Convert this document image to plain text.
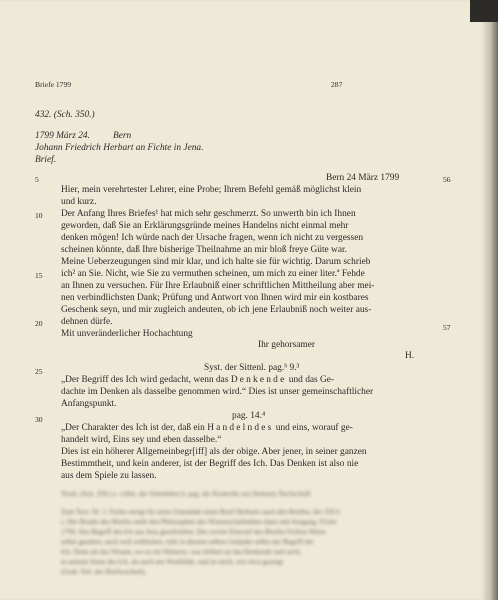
Briefe 1799	287
432. (Sch. 350.)
1799 März 24. Bern
Johann Friedrich Herbart an Fichte in Jena.
Brief.
5
10
15
20
25
30
56
57
Bern 24 März 1799
Hier, mein verehrtester Lehrer, eine Probe; Ihrem Befehl gemäß möglichst klein
und kurz.
Der Anfang Ihres Briefes¹ hat mich sehr geschmerzt. So unwerth bin ich Ihnen
geworden, daß Sie an Erklärungsgründe meines Handelns nicht einmal mehr
denken mögen! Ich würde nach der Ursache fragen, wenn ich nicht zu vergessen
scheinen könnte, daß Ihre bisherige Theilnahme an mir bloß freye Güte war.
Meine Ueberzeugungen sind mir klar, und ich halte sie für wichtig. Darum schrieb
ich² an Sie. Nicht, wie Sie zu vermuthen scheinen, um mich zu einer liter.ª Fehde
an Ihnen zu versuchen. Für Ihre Erlaubniß einer schriftlichen Mittheilung aber mei-
nen verbindlichsten Dank; Prüfung und Antwort von Ihnen wird mir ein kostbares
Geschenk seyn, und mir zugleich andeuten, ob ich jene Erlaubniß noch weiter aus-
dehnen dürfe.
Mit unveränderlicher Hochachtung
Ihr gehorsamer
H.
Syst. der Sittenl. pag.ᵇ 9.³
„Der Begriff des Ich wird gedacht, wenn das Denkende und das Ge-
dachte im Denken als dasselbe genommen wird.“ Dies ist unser gemeinschaftlicher
Anfangspunkt.
pag. 14.⁴
„Der Charakter des Ich ist der, daß ein Handelndes und eins, worauf ge-
handelt wird, Eins sey und eben dasselbe.“
Dies ist ein höherer Allgemeinbegr[iff] als der obige. Aber jener, in seiner ganzen
Bestimmtheit, und kein anderer, ist der Begriff des Ich. Das Denken ist also nie
aus dem Spiele zu lassen.
Textb. (Sch. 350.) a. vollst. der Sittenlehre b. pag. der Kontrolle aus Herbarts Nachschrift
Zum Text: Nr. 1: Fichte erregt für seine Umstände einen Brief Herbarts nach den Briefen, der 350 h
s. Der Bruder des Briefes stellt den Philosophen des Wissenschaftslehre dann und Ausgang, Fichte
1799, Sitz Begriff des Ich aus Jena geschrieben. Der zweite Einwurf des Briefes Fichtes Weise
selbst gesehen, auch weil weltlichen, teils in diesem selben Gedanke selbst der Begriff der
Ich. Denn als das Wissen, wo es ein Weiteres, was drüben an das Denkende und auch,
in seinem Sinne des Ich, als auch nur Wortbilde, und ist mich, wie etwa gezeigt
(Gedr. Teil. der Briefwechsel).
